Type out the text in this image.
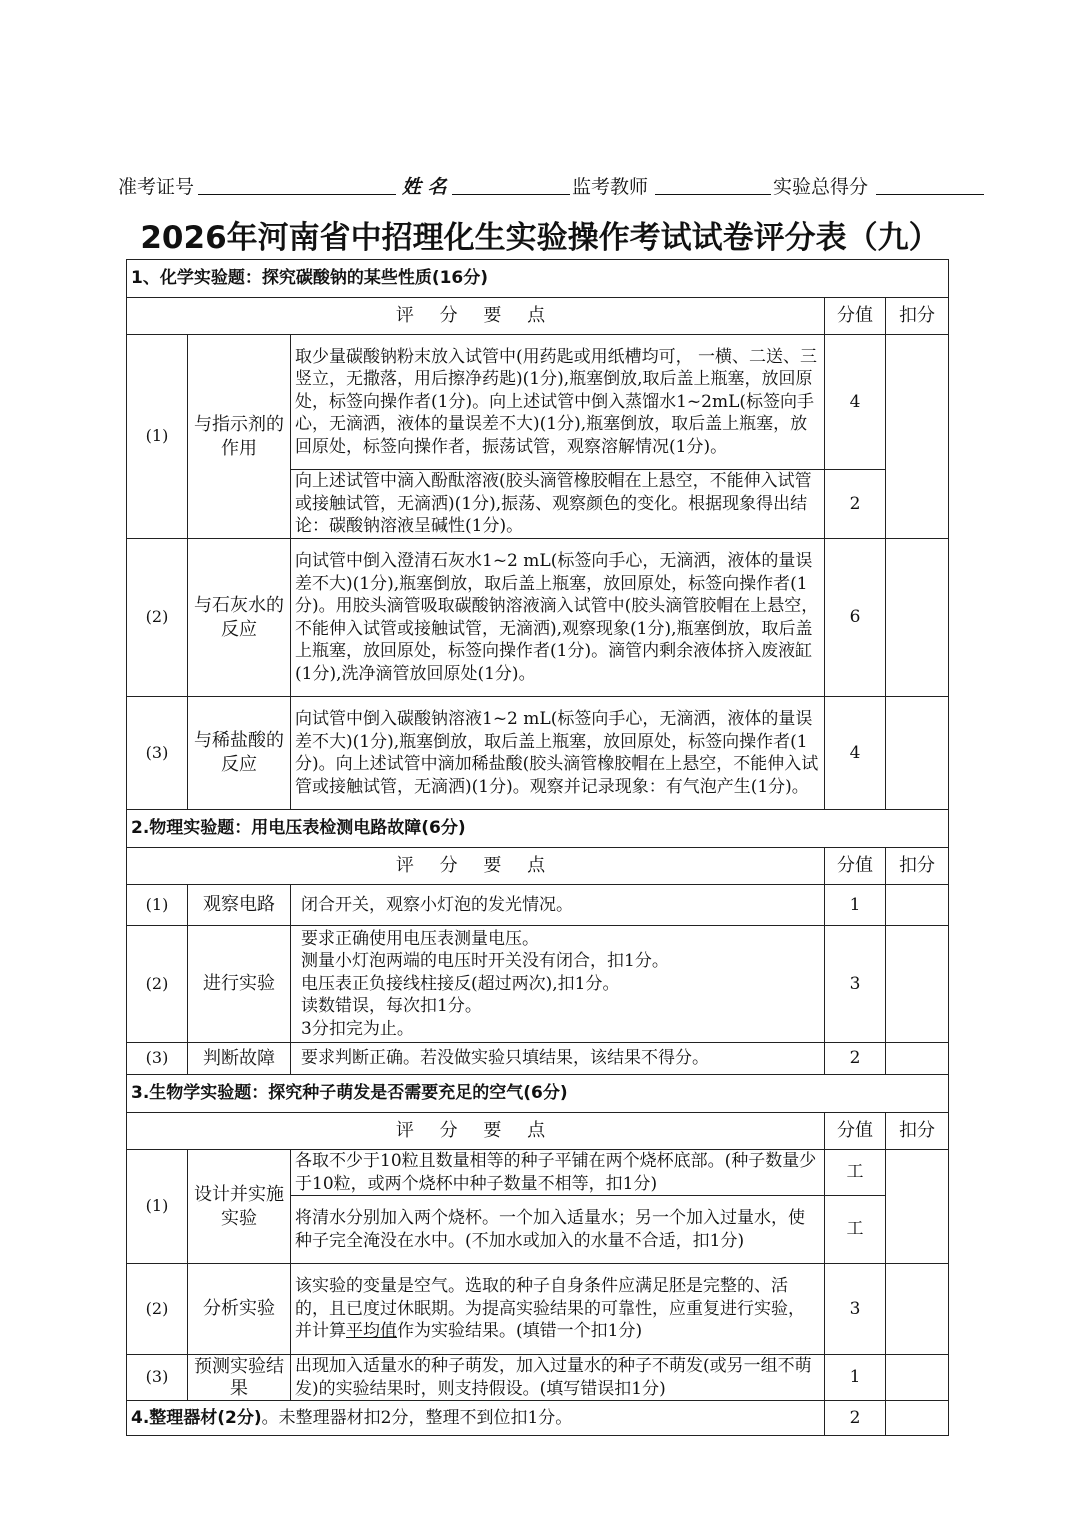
准考证号	姓 名	监考教师	实验总得分
2026年河南省中招理化生实验操作考试试卷评分表（九）
1、化学实验题：探究碳酸钠的某些性质(16分)				
评 分 要 点			分值	扣分
(1)	与指示剂的作用	取少量碳酸钠粉末放入试管中(用药匙或用纸槽均可， 一横、二送、三竖立，无撒落，用后擦净药匙)(1分),瓶塞倒放,取后盖上瓶塞，放回原处，标签向操作者(1分)。向上述试管中倒入蒸馏水1~2mL(标签向手心，无滴洒，液体的量误差不大)(1分),瓶塞倒放，取后盖上瓶塞，放回原处，标签向操作者，振荡试管，观察溶解情况(1分)。	4	
		向上述试管中滴入酚酞溶液(胶头滴管橡胶帽在上悬空，不能伸入试管或接触试管，无滴洒)(1分),振荡、观察颜色的变化。根据现象得出结论：碳酸钠溶液呈碱性(1分)。	2	
(2)	与石灰水的反应	向试管中倒入澄清石灰水1~2 mL(标签向手心，无滴洒，液体的量误差不大)(1分),瓶塞倒放，取后盖上瓶塞，放回原处，标签向操作者(1分)。用胶头滴管吸取碳酸钠溶液滴入试管中(胶头滴管胶帽在上悬空，不能伸入试管或接触试管，无滴洒),观察现象(1分),瓶塞倒放，取后盖上瓶塞，放回原处，标签向操作者(1分)。滴管内剩余液体挤入废液缸(1分),洗净滴管放回原处(1分)。	6	
(3)	与稀盐酸的反应	向试管中倒入碳酸钠溶液1~2 mL(标签向手心，无滴洒，液体的量误差不大)(1分),瓶塞倒放，取后盖上瓶塞，放回原处，标签向操作者(1分)。向上述试管中滴加稀盐酸(胶头滴管橡胶帽在上悬空，不能伸入试管或接触试管，无滴洒)(1分)。观察并记录现象：有气泡产生(1分)。	4	
2.物理实验题：用电压表检测电路故障(6分)				
评 分 要 点			分值	扣分
(1)	观察电路	闭合开关，观察小灯泡的发光情况。	1	
(2)	进行实验	要求正确使用电压表测量电压。
测量小灯泡两端的电压时开关没有闭合，扣1分。
电压表正负接线柱接反(超过两次),扣1分。
读数错误，每次扣1分。
3分扣完为止。	3	
(3)	判断故障	要求判断正确。若没做实验只填结果，该结果不得分。	2	
3.生物学实验题：探究种子萌发是否需要充足的空气(6分)				
评 分 要 点			分值	扣分
(1)	设计并实施实验	各取不少于10粒且数量相等的种子平铺在两个烧杯底部。(种子数量少于10粒，或两个烧杯中种子数量不相等，扣1分)	工	
		将清水分别加入两个烧杯。一个加入适量水；另一个加入过量水，使种子完全淹没在水中。(不加水或加入的水量不合适，扣1分)	工	
(2)	分析实验	该实验的变量是空气。选取的种子自身条件应满足胚是完整的、活的，且已度过休眠期。为提高实验结果的可靠性，应重复进行实验，并计算平均值作为实验结果。(填错一个扣1分)	3	
(3)	预测实验结果	出现加入适量水的种子萌发，加入过量水的种子不萌发(或另一组不萌发)的实验结果时，则支持假设。(填写错误扣1分)	1	
4.整理器材(2分)。未整理器材扣2分，整理不到位扣1分。			2	
